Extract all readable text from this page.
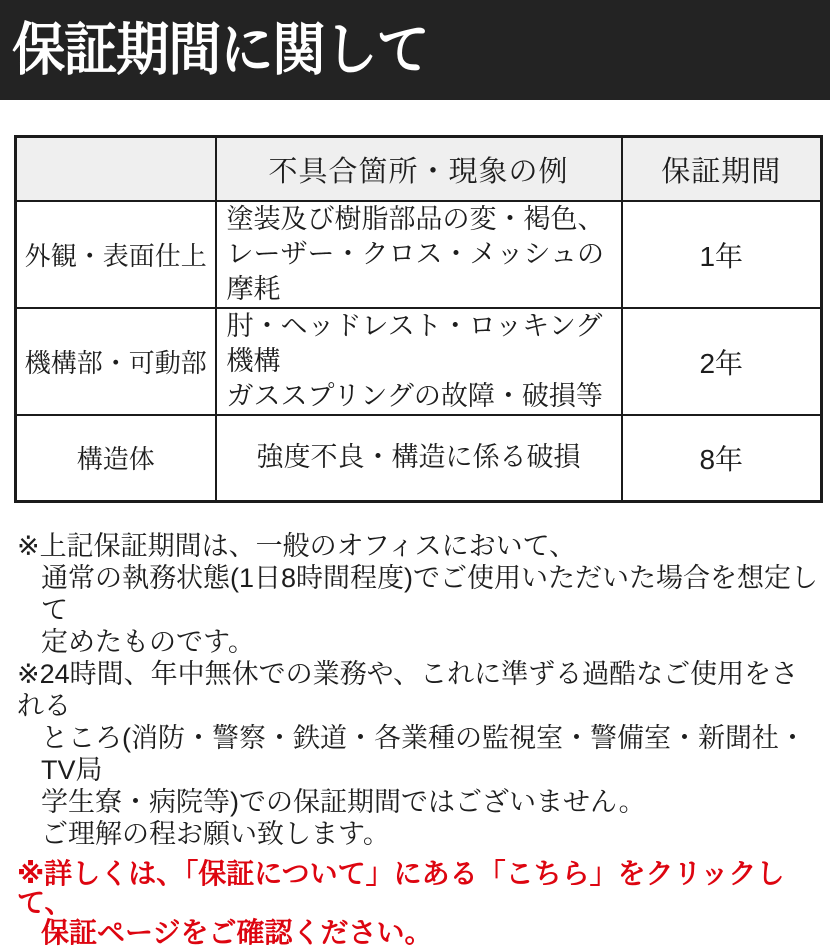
保証期間に関して
	不具合箇所・現象の例	保証期間
外観・表面仕上	塗装及び樹脂部品の変・褐色、
レーザー・クロス・メッシュの摩耗	1年
機構部・可動部	肘・ヘッドレスト・ロッキング機構
ガススプリングの故障・破損等	2年
構造体	強度不良・構造に係る破損	8年
※上記保証期間は、一般のオフィスにおいて、
通常の執務状態(1日8時間程度)でご使用いただいた場合を想定して
定めたものです。
※24時間、年中無休での業務や、これに準ずる過酷なご使用をされる
ところ(消防・警察・鉄道・各業種の監視室・警備室・新聞社・TV局
学生寮・病院等)での保証期間ではございません。
ご理解の程お願い致します。
※詳しくは、「保証について」にある「こちら」をクリックして、
保証ページをご確認ください。
